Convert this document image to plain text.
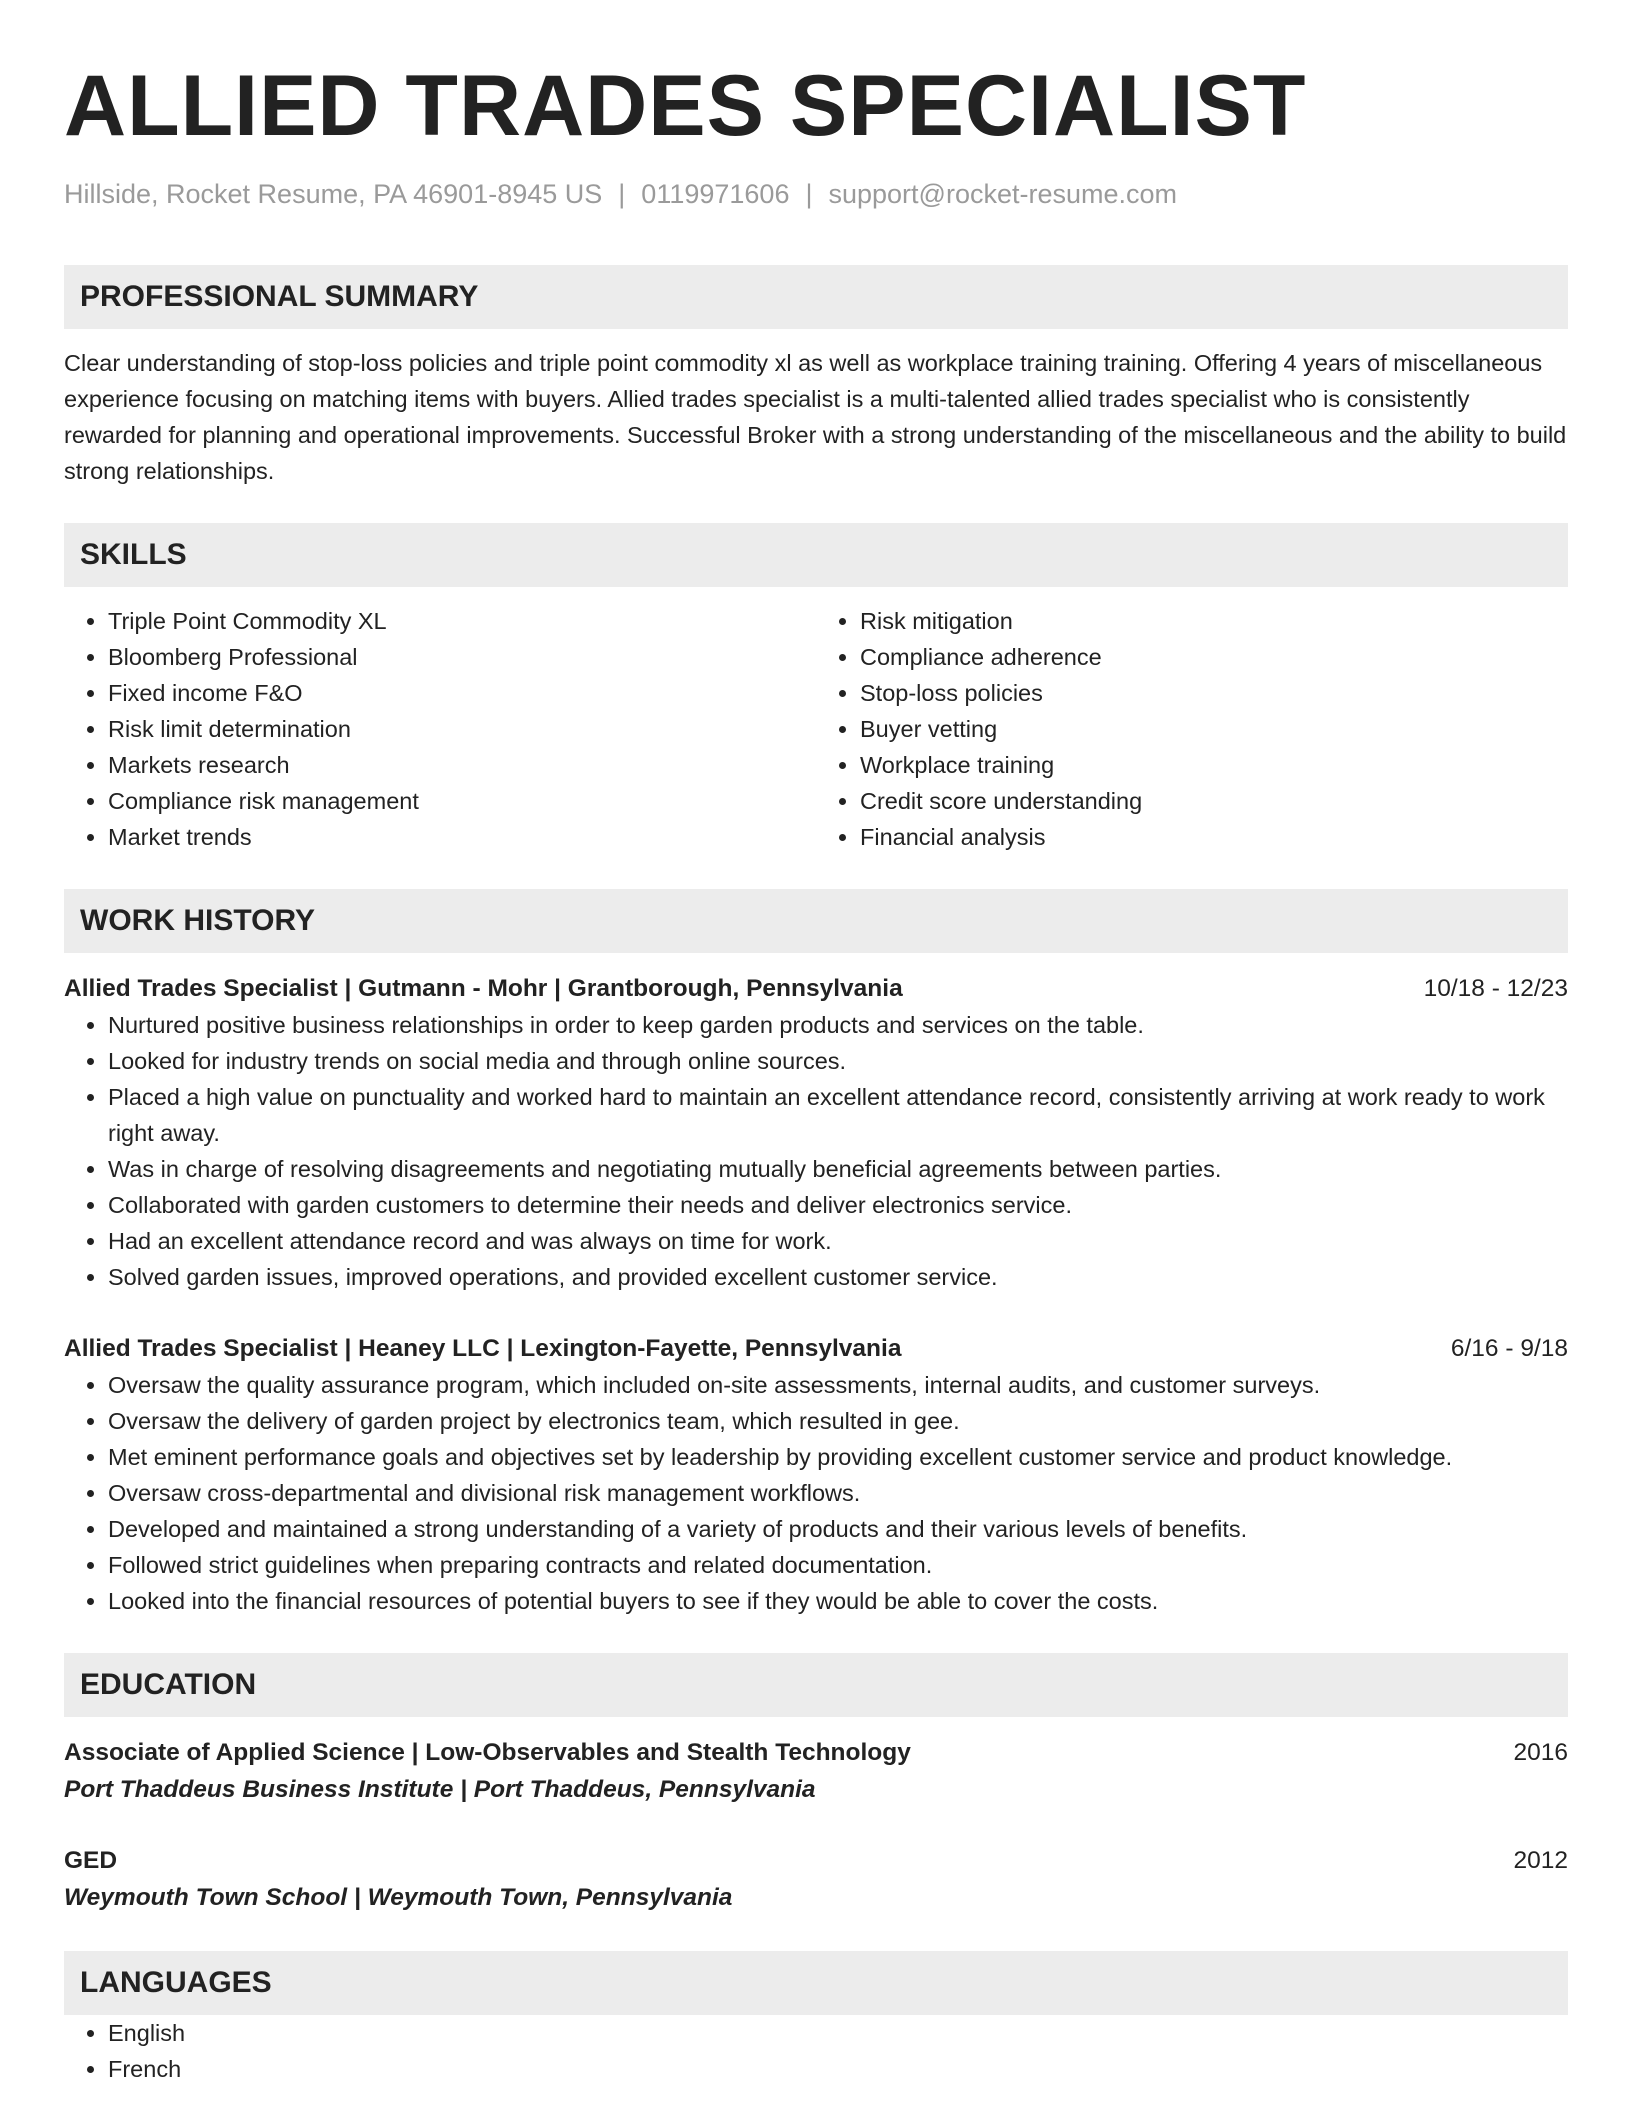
ALLIED TRADES SPECIALIST
Hillside, Rocket Resume, PA 46901-8945 US | 0119971606 | support@rocket-resume.com
PROFESSIONAL SUMMARY
Clear understanding of stop-loss policies and triple point commodity xl as well as workplace training training. Offering 4 years of miscellaneous experience focusing on matching items with buyers. Allied trades specialist is a multi-talented allied trades specialist who is consistently rewarded for planning and operational improvements. Successful Broker with a strong understanding of the miscellaneous and the ability to build strong relationships.
SKILLS
• Triple Point Commodity XL
• Bloomberg Professional
• Fixed income F&O
• Risk limit determination
• Markets research
• Compliance risk management
• Market trends
• Risk mitigation
• Compliance adherence
• Stop-loss policies
• Buyer vetting
• Workplace training
• Credit score understanding
• Financial analysis
WORK HISTORY
Allied Trades Specialist | Gutmann - Mohr | Grantborough, Pennsylvania	10/18 - 12/23
• Nurtured positive business relationships in order to keep garden products and services on the table.
• Looked for industry trends on social media and through online sources.
• Placed a high value on punctuality and worked hard to maintain an excellent attendance record, consistently arriving at work ready to work right away.
• Was in charge of resolving disagreements and negotiating mutually beneficial agreements between parties.
• Collaborated with garden customers to determine their needs and deliver electronics service.
• Had an excellent attendance record and was always on time for work.
• Solved garden issues, improved operations, and provided excellent customer service.
Allied Trades Specialist | Heaney LLC | Lexington-Fayette, Pennsylvania	6/16 - 9/18
• Oversaw the quality assurance program, which included on-site assessments, internal audits, and customer surveys.
• Oversaw the delivery of garden project by electronics team, which resulted in gee.
• Met eminent performance goals and objectives set by leadership by providing excellent customer service and product knowledge.
• Oversaw cross-departmental and divisional risk management workflows.
• Developed and maintained a strong understanding of a variety of products and their various levels of benefits.
• Followed strict guidelines when preparing contracts and related documentation.
• Looked into the financial resources of potential buyers to see if they would be able to cover the costs.
EDUCATION
Associate of Applied Science | Low-Observables and Stealth Technology	2016
Port Thaddeus Business Institute | Port Thaddeus, Pennsylvania
GED	2012
Weymouth Town School | Weymouth Town, Pennsylvania
LANGUAGES
• English
• French
